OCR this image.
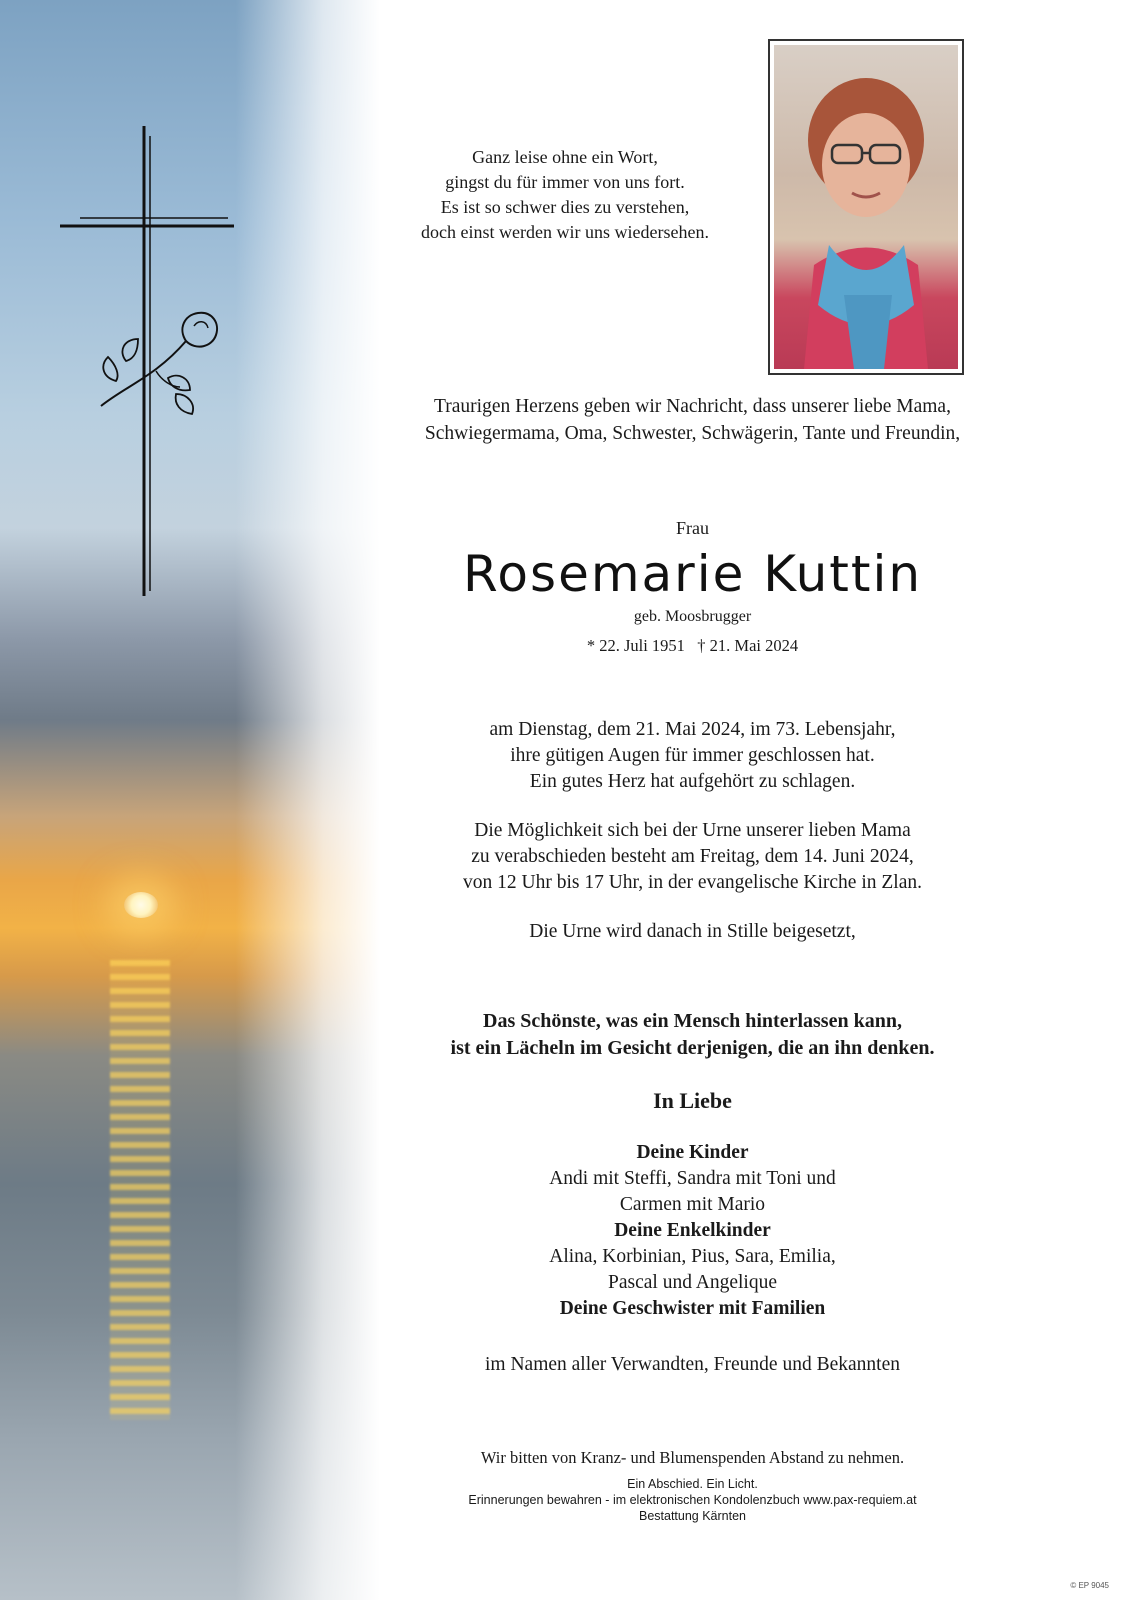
Ganz leise ohne ein Wort,

gingst du für immer von uns fort.

Es ist so schwer dies zu verstehen,

doch einst werden wir uns wiedersehen.

Traurigen Herzens geben wir Nachricht, dass unserer liebe Mama,

Schwiegermama, Oma, Schwester, Schwägerin, Tante und Freundin,

Frau
Rosemarie Kuttin
geb. Moosbrugger
* 22. Juli 1951   † 21. Mai 2024

am Dienstag, dem 21. Mai 2024, im 73. Lebensjahr,

ihre gütigen Augen für immer geschlossen hat.

Ein gutes Herz hat aufgehört zu schlagen.

Die Möglichkeit sich bei der Urne unserer lieben Mama

zu verabschieden besteht am Freitag, dem 14. Juni 2024,

von 12 Uhr bis 17 Uhr, in der evangelische Kirche in Zlan.

Die Urne wird danach in Stille beigesetzt,

Das Schönste, was ein Mensch hinterlassen kann,

ist ein Lächeln im Gesicht derjenigen, die an ihn denken.

In Liebe

Deine Kinder

Andi mit Steffi, Sandra mit Toni und

Carmen mit Mario

Deine Enkelkinder

Alina, Korbinian, Pius, Sara, Emilia,

Pascal und Angelique

Deine Geschwister mit Familien

im Namen aller Verwandten, Freunde und Bekannten
Wir bitten von Kranz- und Blumenspenden Abstand zu nehmen.

Ein Abschied. Ein Licht.

Erinnerungen bewahren - im elektronischen Kondolenzbuch www.pax-requiem.at

Bestattung Kärnten

© EP 9045
